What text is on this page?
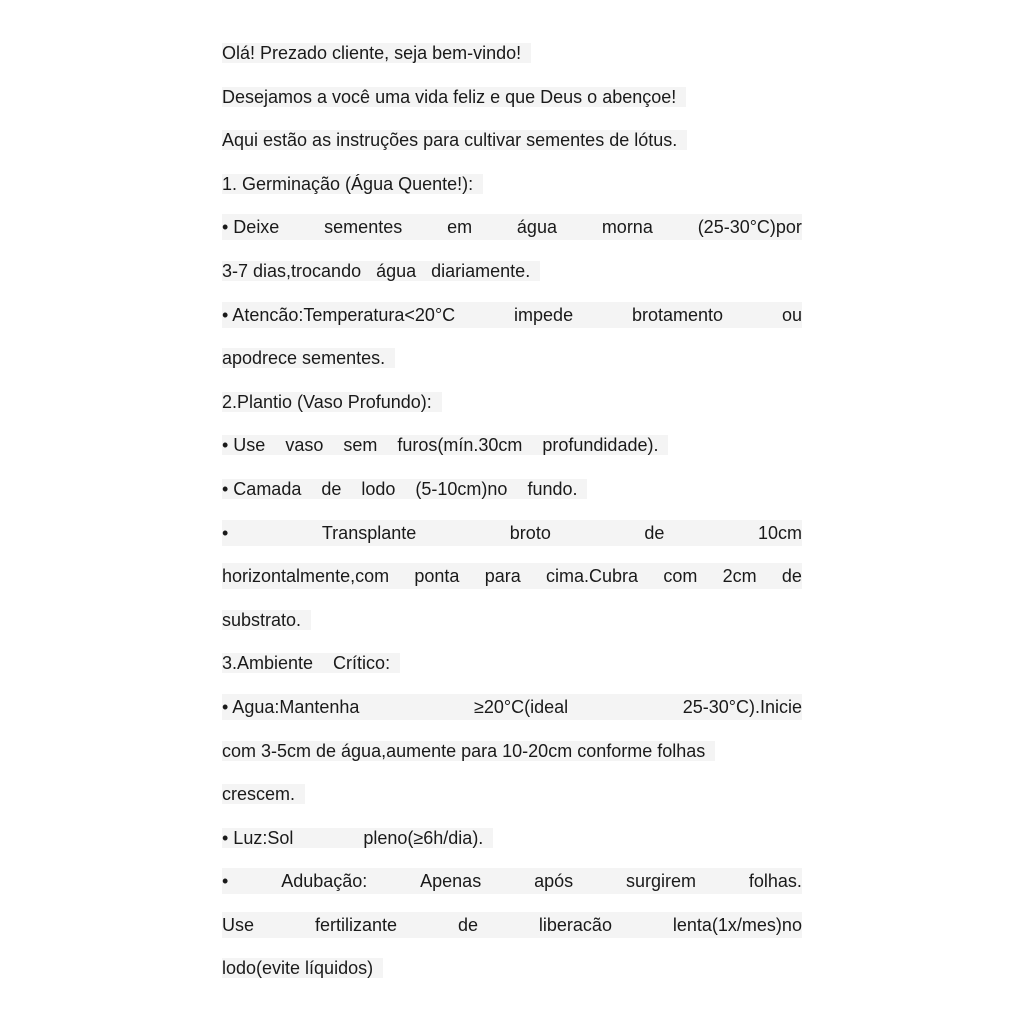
Olá! Prezado cliente, seja bem-vindo!
Desejamos a você uma vida feliz e que Deus o abençoe!
Aqui estão as instruções para cultivar sementes de lótus.
1. Germinação (Água Quente!):
• Deixe sementes em água morna (25-30°C)por
3-7 dias,trocando   água   diariamente.
• Atencão:Temperatura<20°C	impede	brotamento	ou
apodrece sementes.
2.Plantio (Vaso Profundo):
• Use    vaso    sem    furos(mín.30cm    profundidade).
• Camada    de    lodo    (5-10cm)no    fundo.
•	Transplante	broto	de	10cm
horizontalmente,com ponta para cima.Cubra com 2cm de
substrato.
3.Ambiente    Crítico:
• Agua:Mantenha	≥20°C(ideal	25-30°C).Inicie
com 3-5cm de água,aumente para 10-20cm conforme folhas
crescem.
• Luz:Sol              pleno(≥6h/dia).
•	Adubação:	Apenas	após	surgirem	folhas.
Use	fertilizante	de	liberacão	lenta(1x/mes)no
lodo(evite líquidos)
